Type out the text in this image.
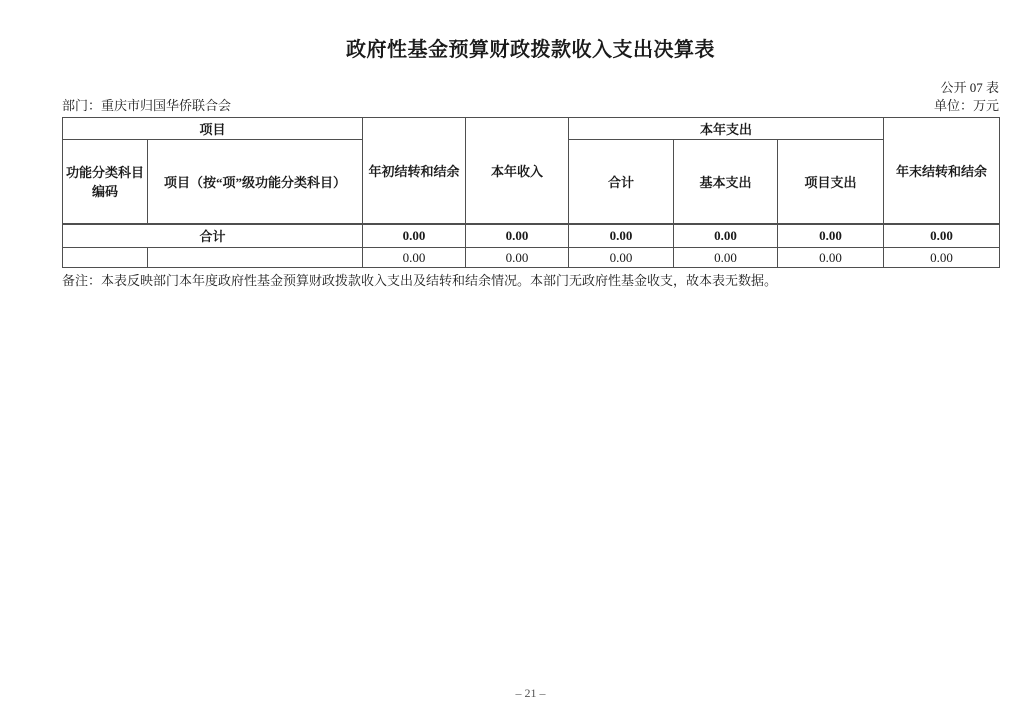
政府性基金预算财政拨款收入支出决算表
公开 07 表
部门：重庆市归国华侨联合会	单位：万元
项目		年初结转和结余	本年收入	本年支出			年末结转和结余
功能分类科目编码	项目（按“项”级功能分类科目）			合计	基本支出	项目支出	
合计		0.00	0.00	0.00	0.00	0.00	0.00
		0.00	0.00	0.00	0.00	0.00	0.00
备注：本表反映部门本年度政府性基金预算财政拨款收入支出及结转和结余情况。本部门无政府性基金收支，故本表无数据。
– 21 –
